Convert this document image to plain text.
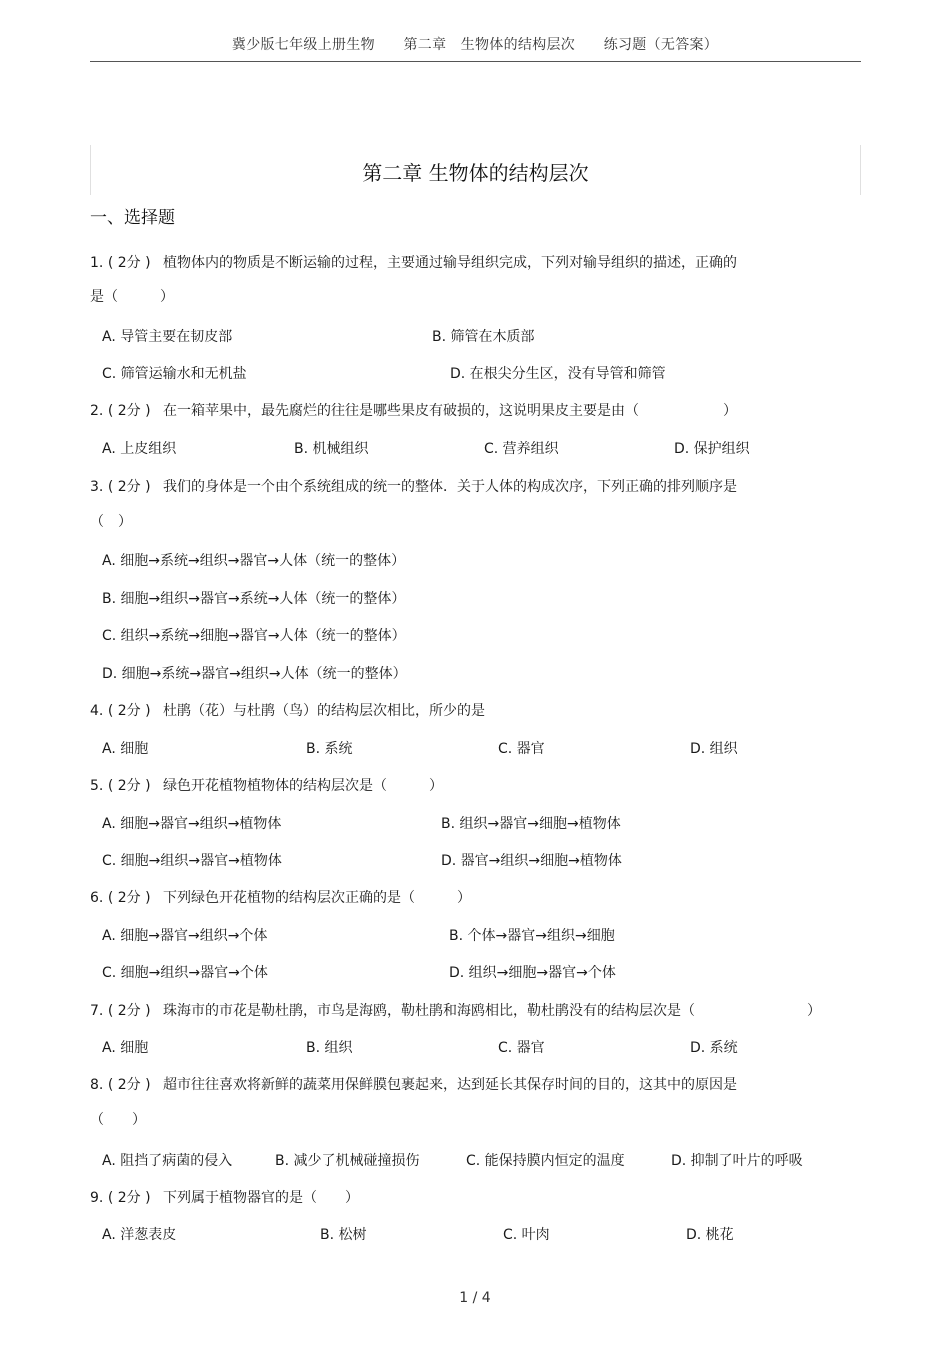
冀少版七年级上册生物　　第二章　生物体的结构层次　　练习题（无答案）
第二章 生物体的结构层次
一、选择题
1. ( 2分 ) 植物体内的物质是不断运输的过程，主要通过输导组织完成，下列对输导组织的描述，正确的
是（　　　）
A. 导管主要在韧皮部	B. 筛管在木质部
C. 筛管运输水和无机盐	D. 在根尖分生区，没有导管和筛管
2. ( 2分 ) 在一箱苹果中，最先腐烂的往往是哪些果皮有破损的，这说明果皮主要是由（　　　　　　）
A. 上皮组织	B. 机械组织	C. 营养组织	D. 保护组织
3. ( 2分 ) 我们的身体是一个由个系统组成的统一的整体．关于人体的构成次序，下列正确的排列顺序是
（　）
A. 细胞→系统→组织→器官→人体（统一的整体）
B. 细胞→组织→器官→系统→人体（统一的整体）
C. 组织→系统→细胞→器官→人体（统一的整体）
D. 细胞→系统→器官→组织→人体（统一的整体）
4. ( 2分 ) 杜鹃（花）与杜鹃（鸟）的结构层次相比，所少的是
A. 细胞	B. 系统	C. 器官	D. 组织
5. ( 2分 ) 绿色开花植物植物体的结构层次是（　　　）
A. 细胞→器官→组织→植物体	B. 组织→器官→细胞→植物体
C. 细胞→组织→器官→植物体	D. 器官→组织→细胞→植物体
6. ( 2分 ) 下列绿色开花植物的结构层次正确的是（　　　）
A. 细胞→器官→组织→个体	B. 个体→器官→组织→细胞
C. 细胞→组织→器官→个体	D. 组织→细胞→器官→个体
7. ( 2分 ) 珠海市的市花是勒杜鹃，市鸟是海鸥，勒杜鹃和海鸥相比，勒杜鹃没有的结构层次是（　　　　　　　　）
A. 细胞	B. 组织	C. 器官	D. 系统
8. ( 2分 ) 超市往往喜欢将新鲜的蔬菜用保鲜膜包裹起来，达到延长其保存时间的目的，这其中的原因是
（　　）
A. 阻挡了病菌的侵入	B. 减少了机械碰撞损伤	C. 能保持膜内恒定的温度	D. 抑制了叶片的呼吸
9. ( 2分 ) 下列属于植物器官的是（　　）
A. 洋葱表皮	B. 松树	C. 叶肉	D. 桃花
1 / 4
